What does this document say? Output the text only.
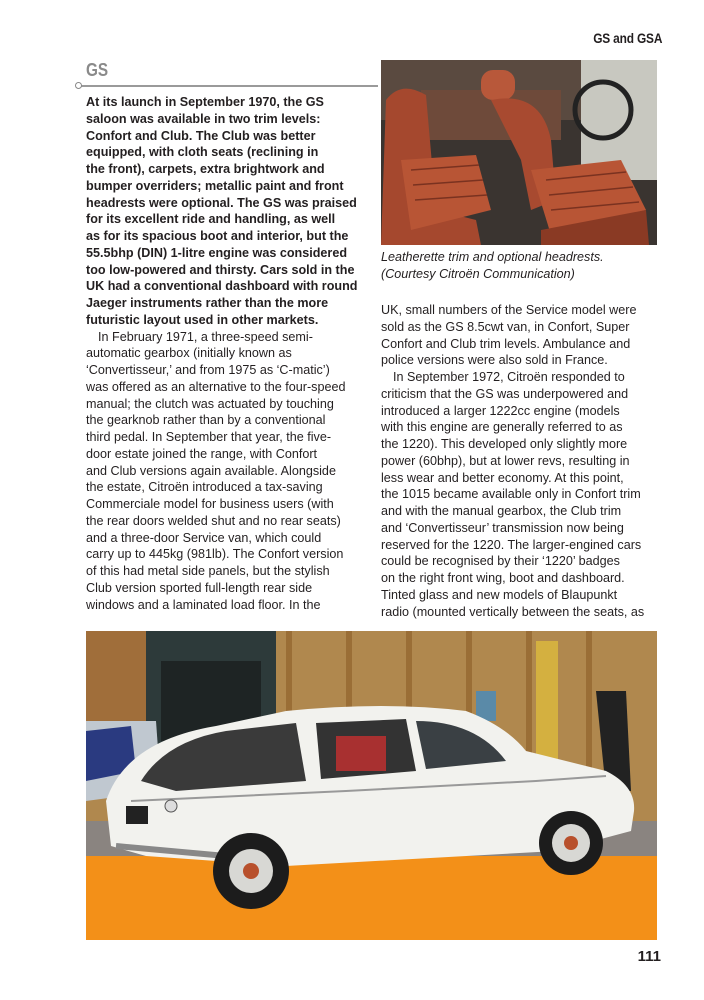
GS and GSA
GS
At its launch in September 1970, the GS
saloon was available in two trim levels:
Confort and Club. The Club was better
equipped, with cloth seats (reclining in
the front), carpets, extra brightwork and
bumper overriders; metallic paint and front
headrests were optional. The GS was praised
for its excellent ride and handling, as well
as for its spacious boot and interior, but the
55.5bhp (DIN) 1-litre engine was considered
too low-powered and thirsty. Cars sold in the
UK had a conventional dashboard with round
Jaeger instruments rather than the more
futuristic layout used in other markets.
In February 1971, a three-speed semi-
automatic gearbox (initially known as
‘Convertisseur,’ and from 1975 as ‘C-matic’)
was offered as an alternative to the four-speed
manual; the clutch was actuated by touching
the gearknob rather than by a conventional
third pedal. In September that year, the five-
door estate joined the range, with Confort
and Club versions again available. Alongside
the estate, Citroën introduced a tax-saving
Commerciale model for business users (with
the rear doors welded shut and no rear seats)
and a three-door Service van, which could
carry up to 445kg (981lb). The Confort version
of this had metal side panels, but the stylish
Club version sported full-length rear side
windows and a laminated load floor. In the
Leatherette trim and optional headrests.
(Courtesy Citroën Communication)
UK, small numbers of the Service model were
sold as the GS 8.5cwt van, in Confort, Super
Confort and Club trim levels. Ambulance and
police versions were also sold in France.
In September 1972, Citroën responded to
criticism that the GS was underpowered and
introduced a larger 1222cc engine (models
with this engine are generally referred to as
the 1220). This developed only slightly more
power (60bhp), but at lower revs, resulting in
less wear and better economy. At this point,
the 1015 became available only in Confort trim
and with the manual gearbox, the Club trim
and ‘Convertisseur’ transmission now being
reserved for the 1220. The larger-engined cars
could be recognised by their ‘1220’ badges
on the right front wing, boot and dashboard.
Tinted glass and new models of Blaupunkt
radio (mounted vertically between the seats, as
111
